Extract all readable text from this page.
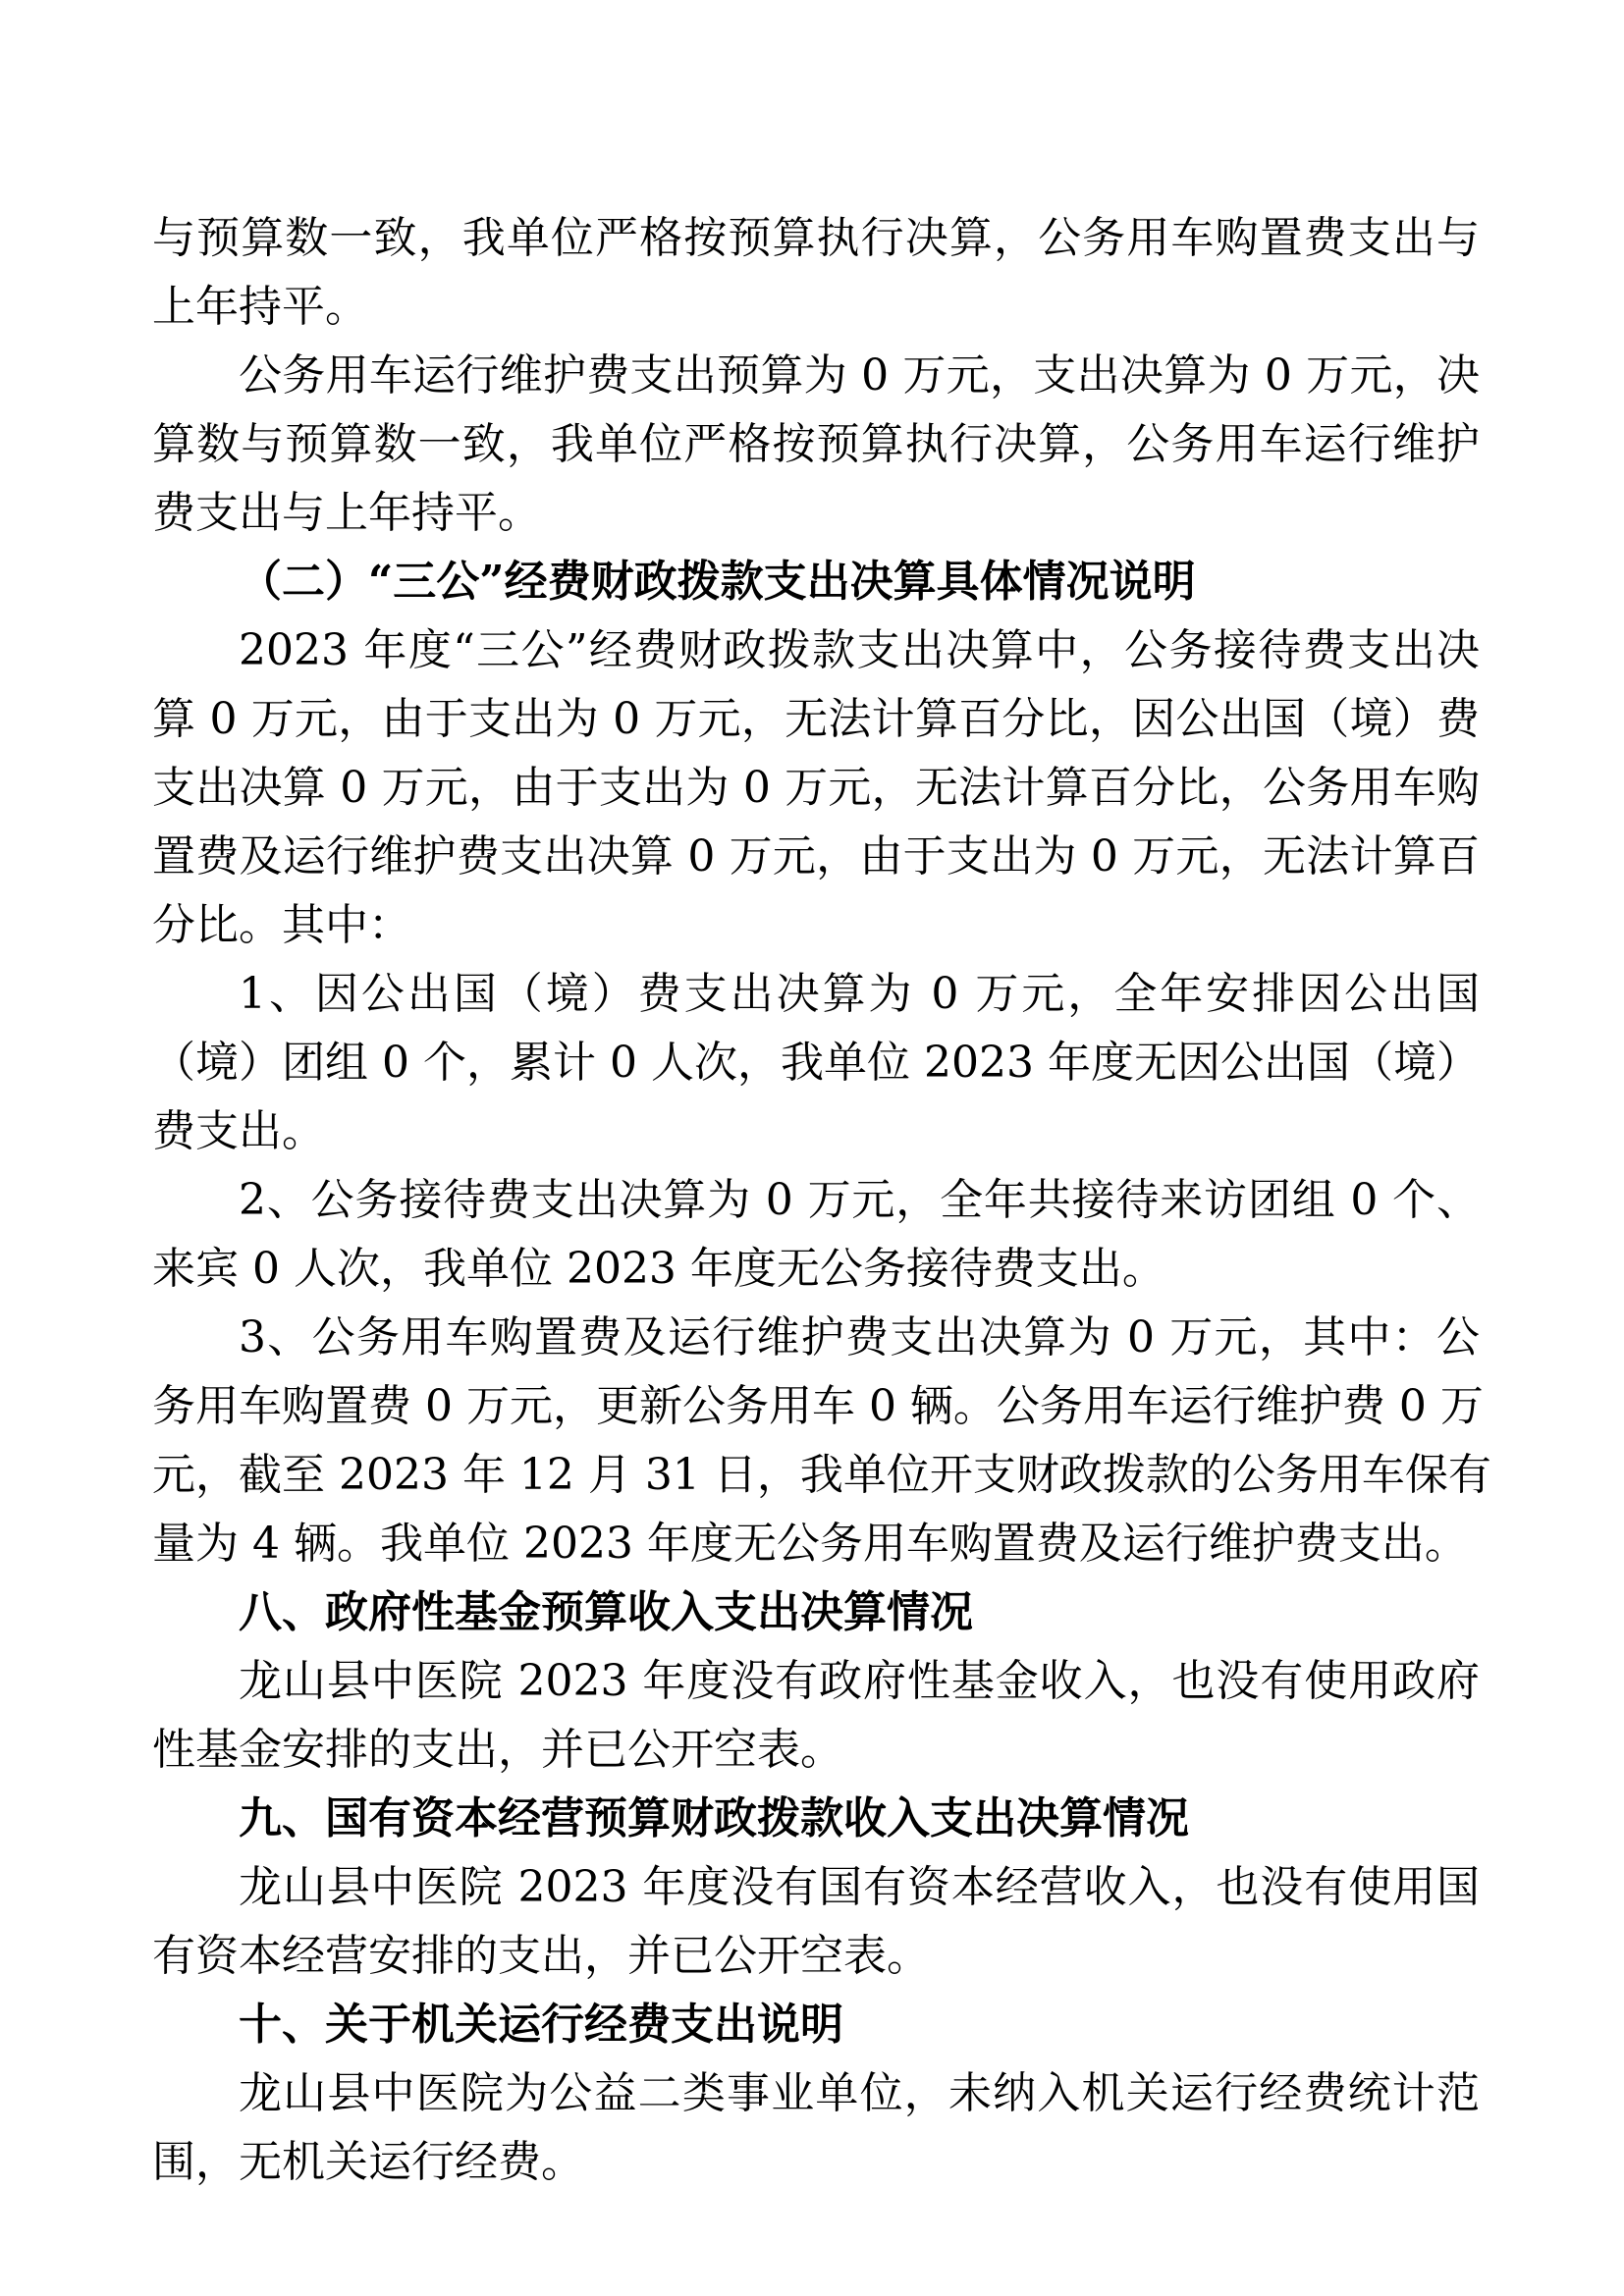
与预算数一致，我单位严格按预算执行决算，公务用车购置费支出与
上年持平。
公务用车运行维护费支出预算为 0 万元，支出决算为 0 万元，决
算数与预算数一致，我单位严格按预算执行决算，公务用车运行维护
费支出与上年持平。
（二）“三公”经费财政拨款支出决算具体情况说明
2023 年度“三公”经费财政拨款支出决算中，公务接待费支出决
算 0 万元，由于支出为 0 万元，无法计算百分比，因公出国（境）费
支出决算 0 万元，由于支出为 0 万元，无法计算百分比，公务用车购
置费及运行维护费支出决算 0 万元，由于支出为 0 万元，无法计算百
分比。其中：
1、因公出国（境）费支出决算为 0 万元，全年安排因公出国
（境）团组 0 个，累计 0 人次，我单位 2023 年度无因公出国（境）
费支出。
2、公务接待费支出决算为 0 万元，全年共接待来访团组 0 个、
来宾 0 人次，我单位 2023 年度无公务接待费支出。
3、公务用车购置费及运行维护费支出决算为 0 万元，其中：公
务用车购置费 0 万元，更新公务用车 0 辆。公务用车运行维护费 0 万
元，截至 2023 年 12 月 31 日，我单位开支财政拨款的公务用车保有
量为 4 辆。我单位 2023 年度无公务用车购置费及运行维护费支出。
八、政府性基金预算收入支出决算情况
龙山县中医院 2023 年度没有政府性基金收入，也没有使用政府
性基金安排的支出，并已公开空表。
九、国有资本经营预算财政拨款收入支出决算情况
龙山县中医院 2023 年度没有国有资本经营收入，也没有使用国
有资本经营安排的支出，并已公开空表。
十、关于机关运行经费支出说明
龙山县中医院为公益二类事业单位，未纳入机关运行经费统计范
围，无机关运行经费。
